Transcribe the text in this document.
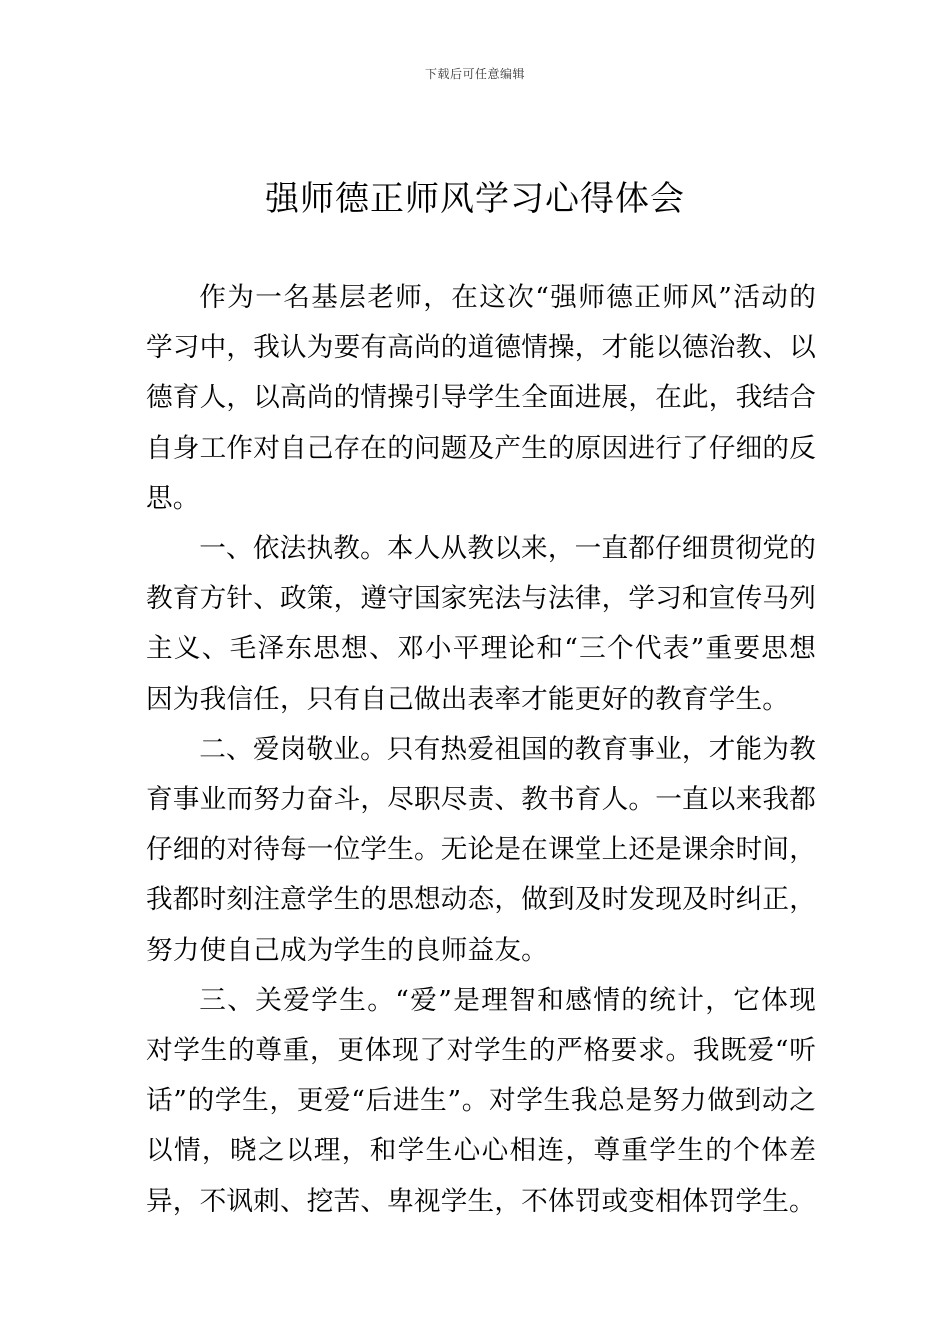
下载后可任意编辑
强师德正师风学习心得体会

作为一名基层老师，在这次“强师德正师风”活动的学习中，我认为要有高尚的道德情操，才能以德治教、以德育人，以高尚的情操引导学生全面进展，在此，我结合自身工作对自己存在的问题及产生的原因进行了仔细的反思。

一、依法执教。本人从教以来，一直都仔细贯彻党的教育方针、政策，遵守国家宪法与法律，学习和宣传马列主义、毛泽东思想、邓小平理论和“三个代表”重要思想因为我信任，只有自己做出表率才能更好的教育学生。

二、爱岗敬业。只有热爱祖国的教育事业，才能为教育事业而努力奋斗，尽职尽责、教书育人。一直以来我都仔细的对待每一位学生。无论是在课堂上还是课余时间，我都时刻注意学生的思想动态，做到及时发现及时纠正，努力使自己成为学生的良师益友。

三、关爱学生。“爱”是理智和感情的统计，它体现对学生的尊重，更体现了对学生的严格要求。我既爱“听话”的学生，更爱“后进生”。对学生我总是努力做到动之以情，晓之以理，和学生心心相连，尊重学生的个体差异，不讽刺、挖苦、卑视学生，不体罚或变相体罚学生。
